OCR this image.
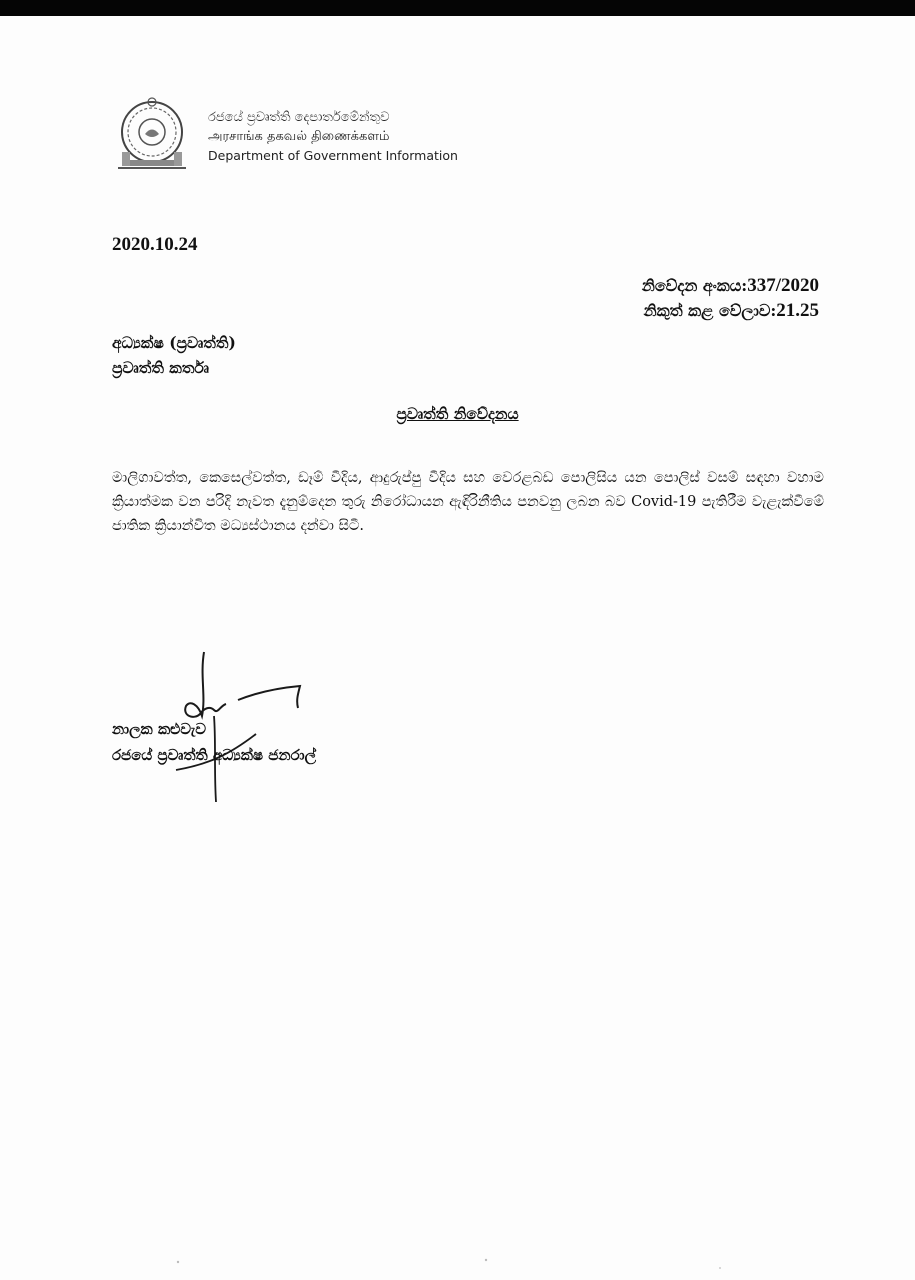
රජයේ ප්‍රවෘත්ති දෙපාර්තමේන්තුව
அரசாங்க தகவல் திணைக்களம்
Department of Government Information
2020.10.24
නිවේදන අංකය:337/2020
නිකුත් කළ වේලාව:21.25
අධ්‍යක්ෂ (ප්‍රවෘත්ති)
ප්‍රවෘත්ති කර්තෘ
ප්‍රවෘත්ති නිවේදනය
මාලිගාවත්ත, කෙසෙල්වත්ත, ඩෑම් වීදිය, ආදුරුප්පු වීදිය සහ වෙරළබඩ පොලිසිය යන පොලිස් වසම් සඳහා වහාම ක්‍රියාත්මක වන පරිදි නැවත දැනුම්දෙන තුරු නිරෝධායන ඇඳිරිනීතිය පනවනු ලබන බව Covid-19 පැතිරීම වැළැක්වීමේ ජාතික ක්‍රියාන්විත මධ්‍යස්ථානය දන්වා සිටී.
නාලක කළුවැව
රජයේ ප්‍රවෘත්ති අධ්‍යක්ෂ ජනරාල්
